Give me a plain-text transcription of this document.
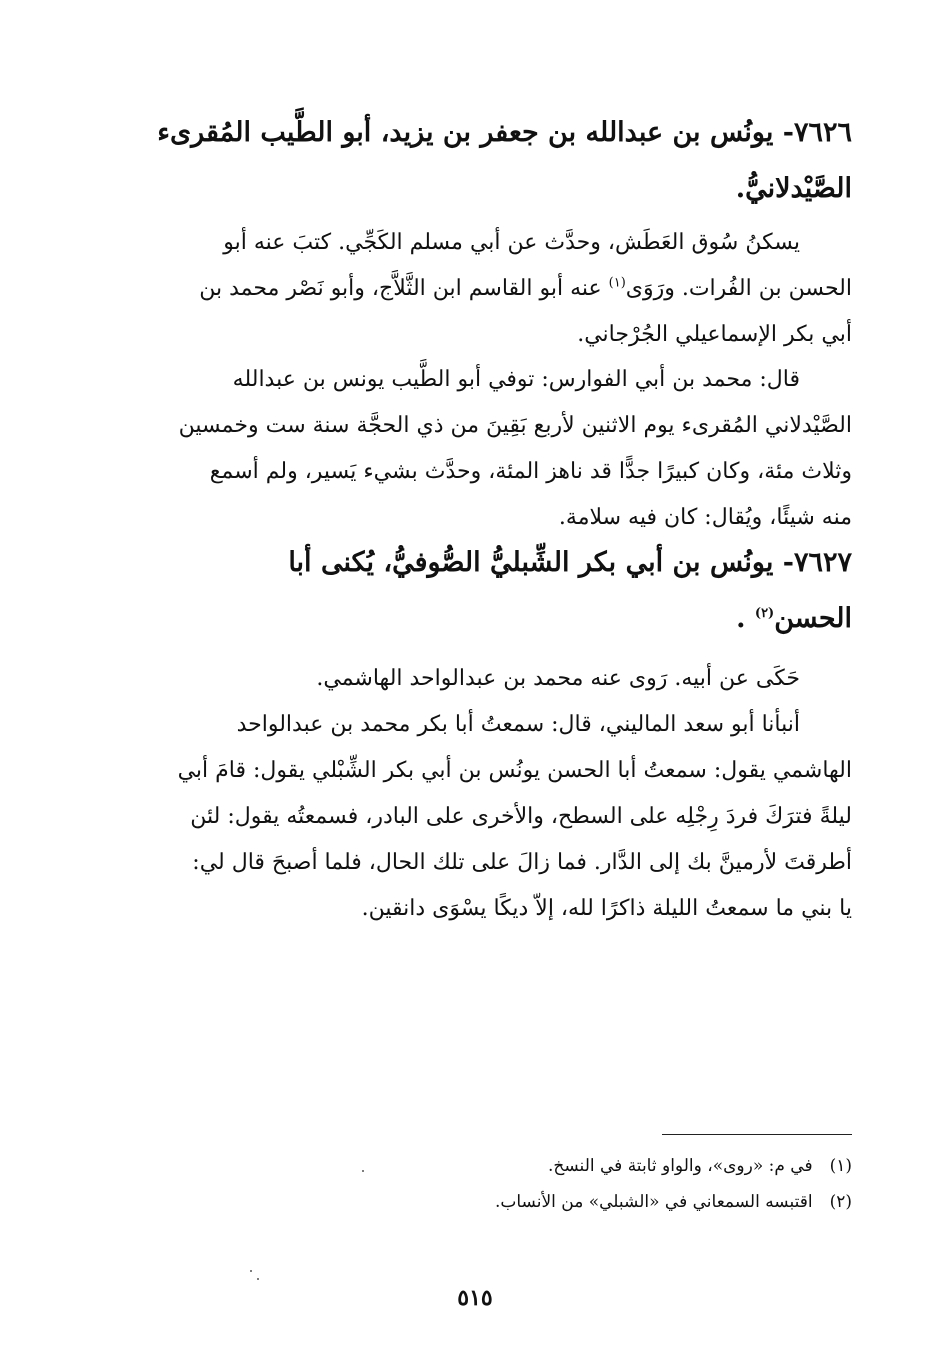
٧٦٢٦- يونُس بن عبدالله بن جعفر بن يزيد، أبو الطَّيب المُقرىء
الصَّيْدلانيُّ.
يسكنُ سُوق العَطَش، وحدَّث عن أبي مسلم الكَجِّي. كتبَ عنه أبو
الحسن بن الفُرات. ورَوَى$^{(١)}$ عنه أبو القاسم ابن الثَّلاَّج، وأبو نَصْر محمد بن
أبي بكر الإسماعيلي الجُرْجاني.
قال: محمد بن أبي الفوارس: توفي أبو الطَّيب يونس بن عبدالله
الصَّيْدلاني المُقرىء يوم الاثنين لأربع بَقِينَ من ذي الحجَّة سنة ست وخمسين
وثلاث مئة، وكان كبيرًا جدًّا قد ناهز المئة، وحدَّث بشيء يَسير، ولم أسمع
منه شيئًا، ويُقال: كان فيه سلامة.
٧٦٢٧- يونُس بن أبي بكر الشِّبليُّ الصُّوفيُّ، يُكنى أبا
الحسن$^{(٢)}$ .
حَكَى عن أبيه. رَوى عنه محمد بن عبدالواحد الهاشمي.
أنبأنا أبو سعد الماليني، قال: سمعتُ أبا بكر محمد بن عبدالواحد
الهاشمي يقول: سمعتُ أبا الحسن يونُس بن أبي بكر الشِّبْلي يقول: قامَ أبي
ليلةً فترَكَ فردَ رِجْلِه على السطح، والأخرى على البادر، فسمعتُه يقول: لئن
أطرقتَ لأرمينَّ بك إلى الدَّار. فما زالَ على تلك الحال، فلما أصبحَ قال لي:
يا بني ما سمعتُ الليلة ذاكرًا لله، إلاّ ديكًا يسْوَى دانقين.
(١) في م: «روى»، والواو ثابتة في النسخ.
(٢) اقتبسه السمعاني في «الشبلي» من الأنساب.
٥١٥
